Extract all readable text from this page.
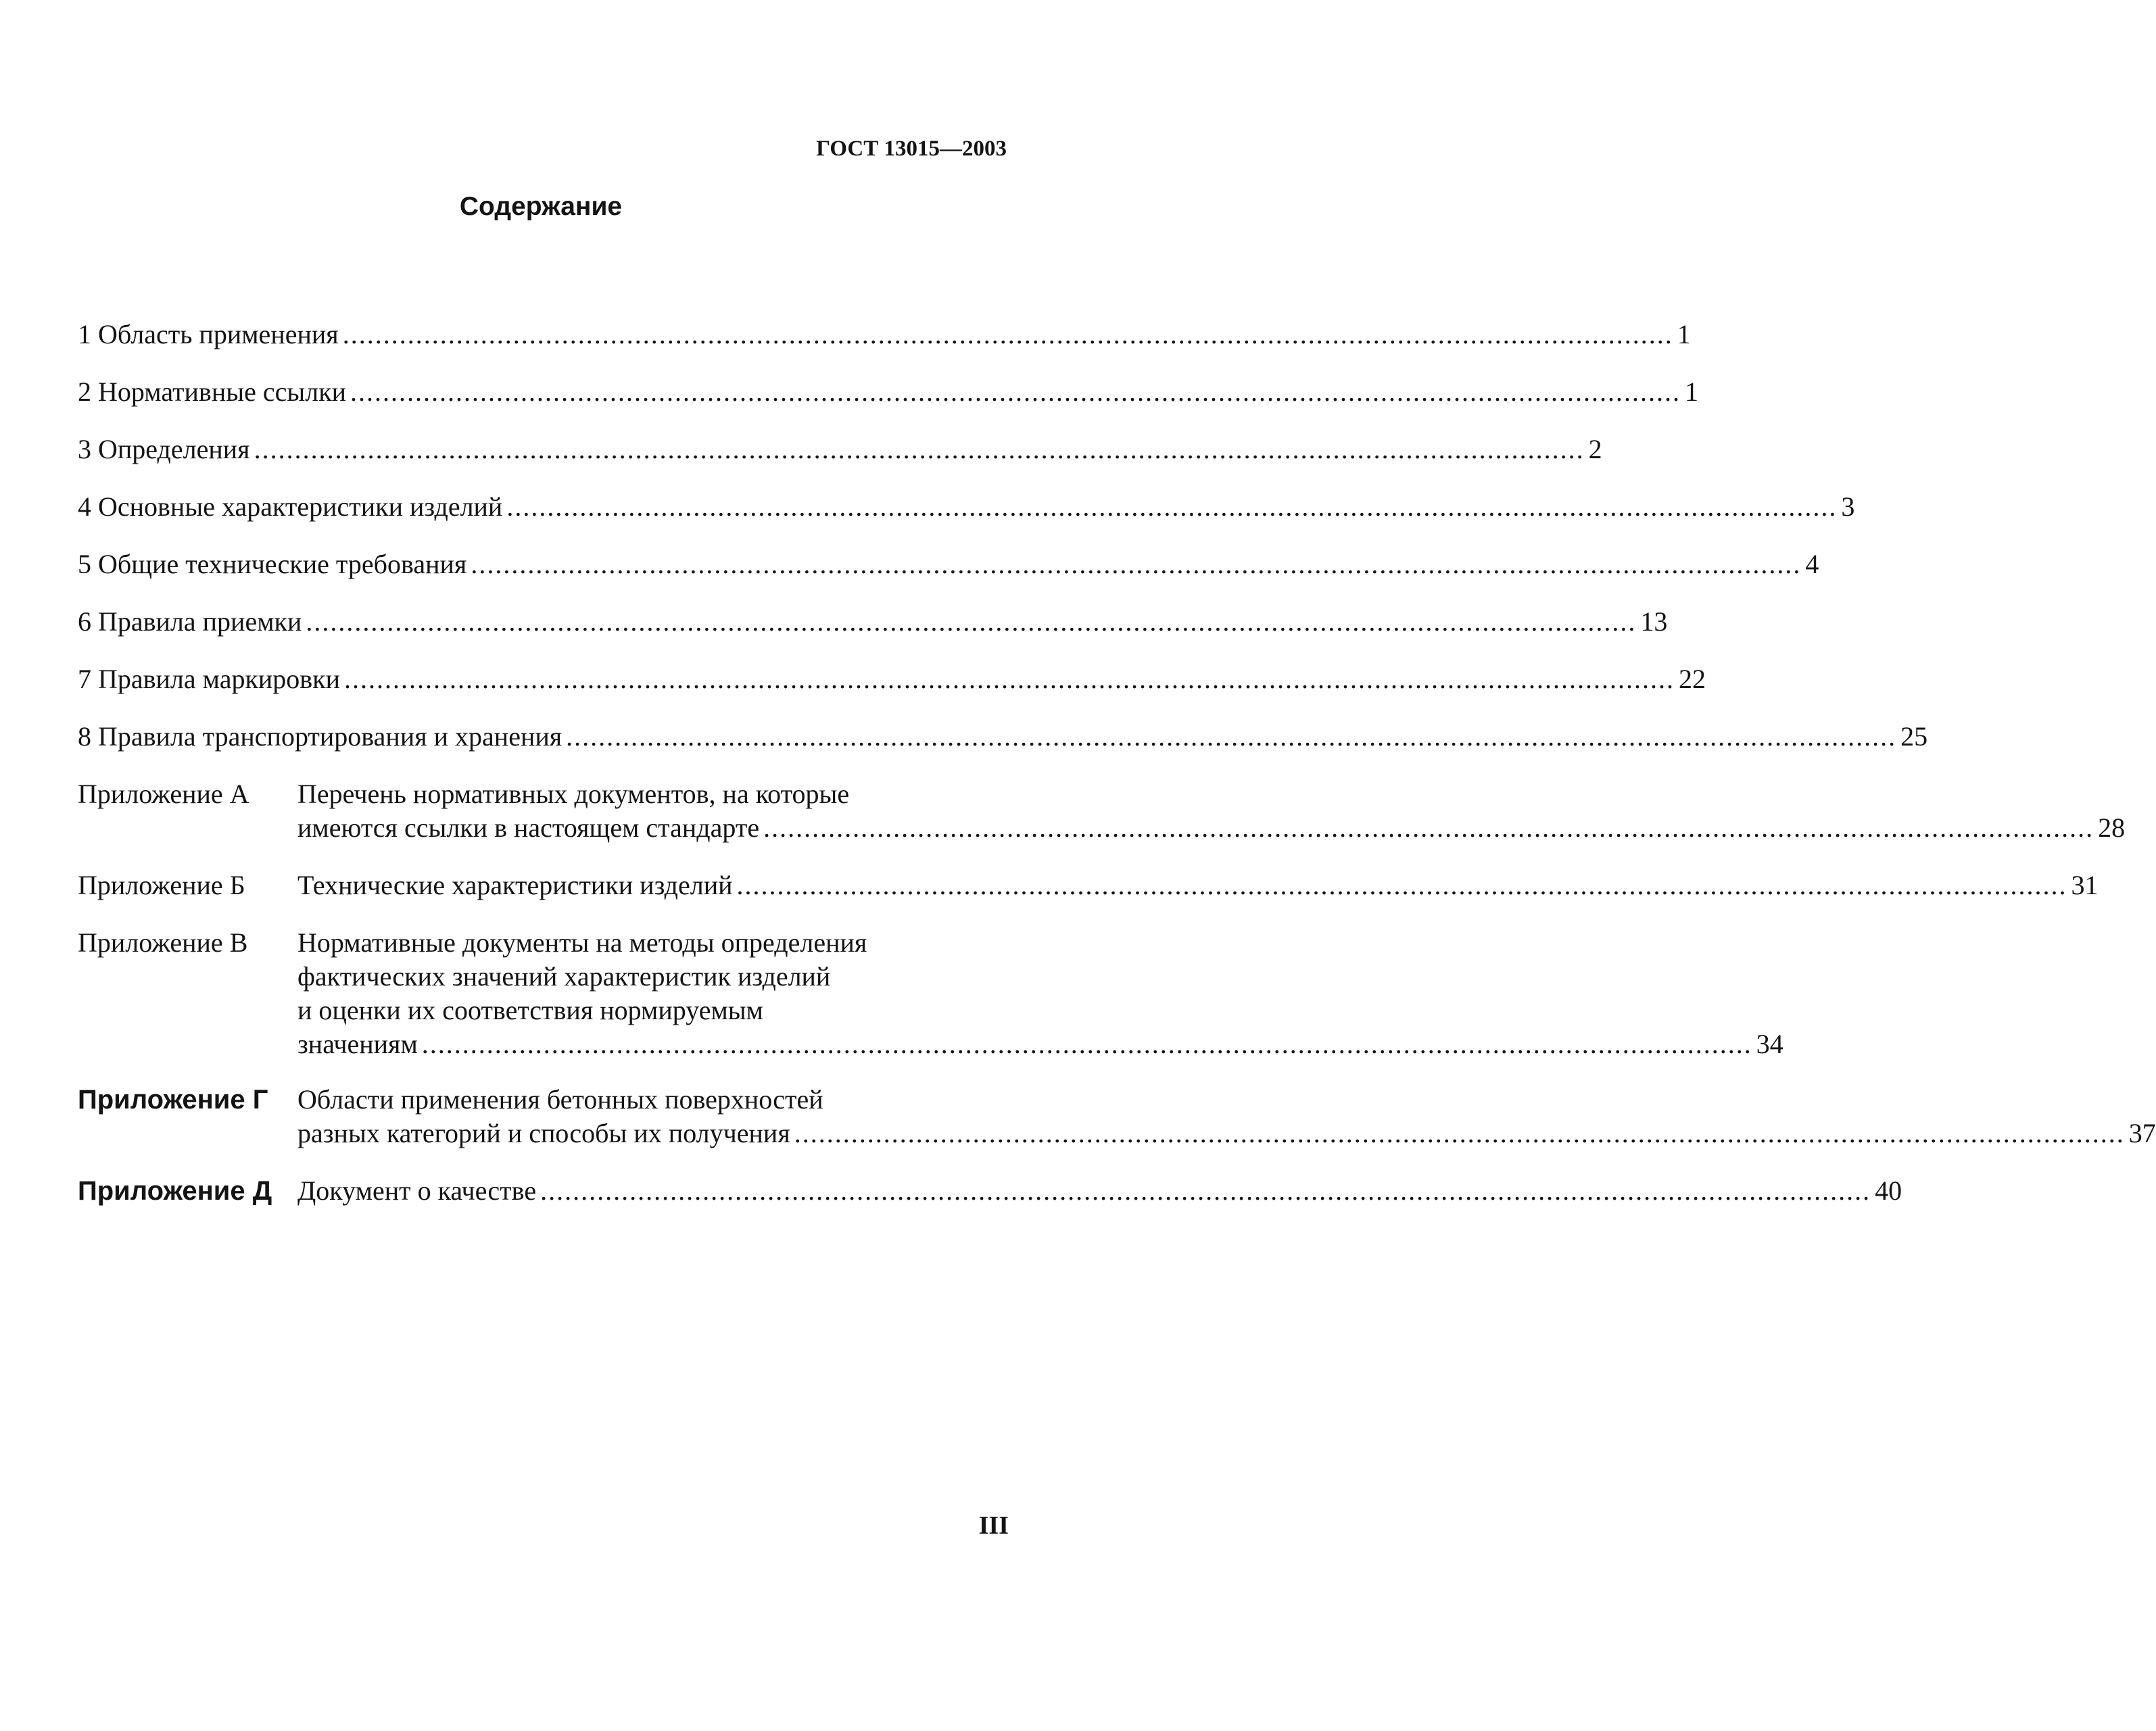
ГОСТ 13015—2003
Содержание
1 Область применения .................................................................................................................................................................... 1
2 Нормативные ссылки .................................................................................................................................................................... 1
3 Определения .................................................................................................................................................................... 2
4 Основные характеристики изделий .................................................................................................................................................................... 3
5 Общие технические требования .................................................................................................................................................................... 4
6 Правила приемки .................................................................................................................................................................... 13
7 Правила маркировки .................................................................................................................................................................... 22
8 Правила транспортирования и хранения .................................................................................................................................................................... 25
Приложение А Перечень нормативных документов, на которые
имеются ссылки в настоящем стандарте .................................................................................................................................................................... 28
Приложение Б Технические характеристики изделий .................................................................................................................................................................... 31
Приложение В Нормативные документы на методы определения
фактических значений характеристик изделий
и оценки их соответствия нормируемым
значениям .................................................................................................................................................................... 34
Приложение Г Области применения бетонных поверхностей
разных категорий и способы их получения .................................................................................................................................................................... 37
Приложение Д Документ о качестве .................................................................................................................................................................... 40
III
